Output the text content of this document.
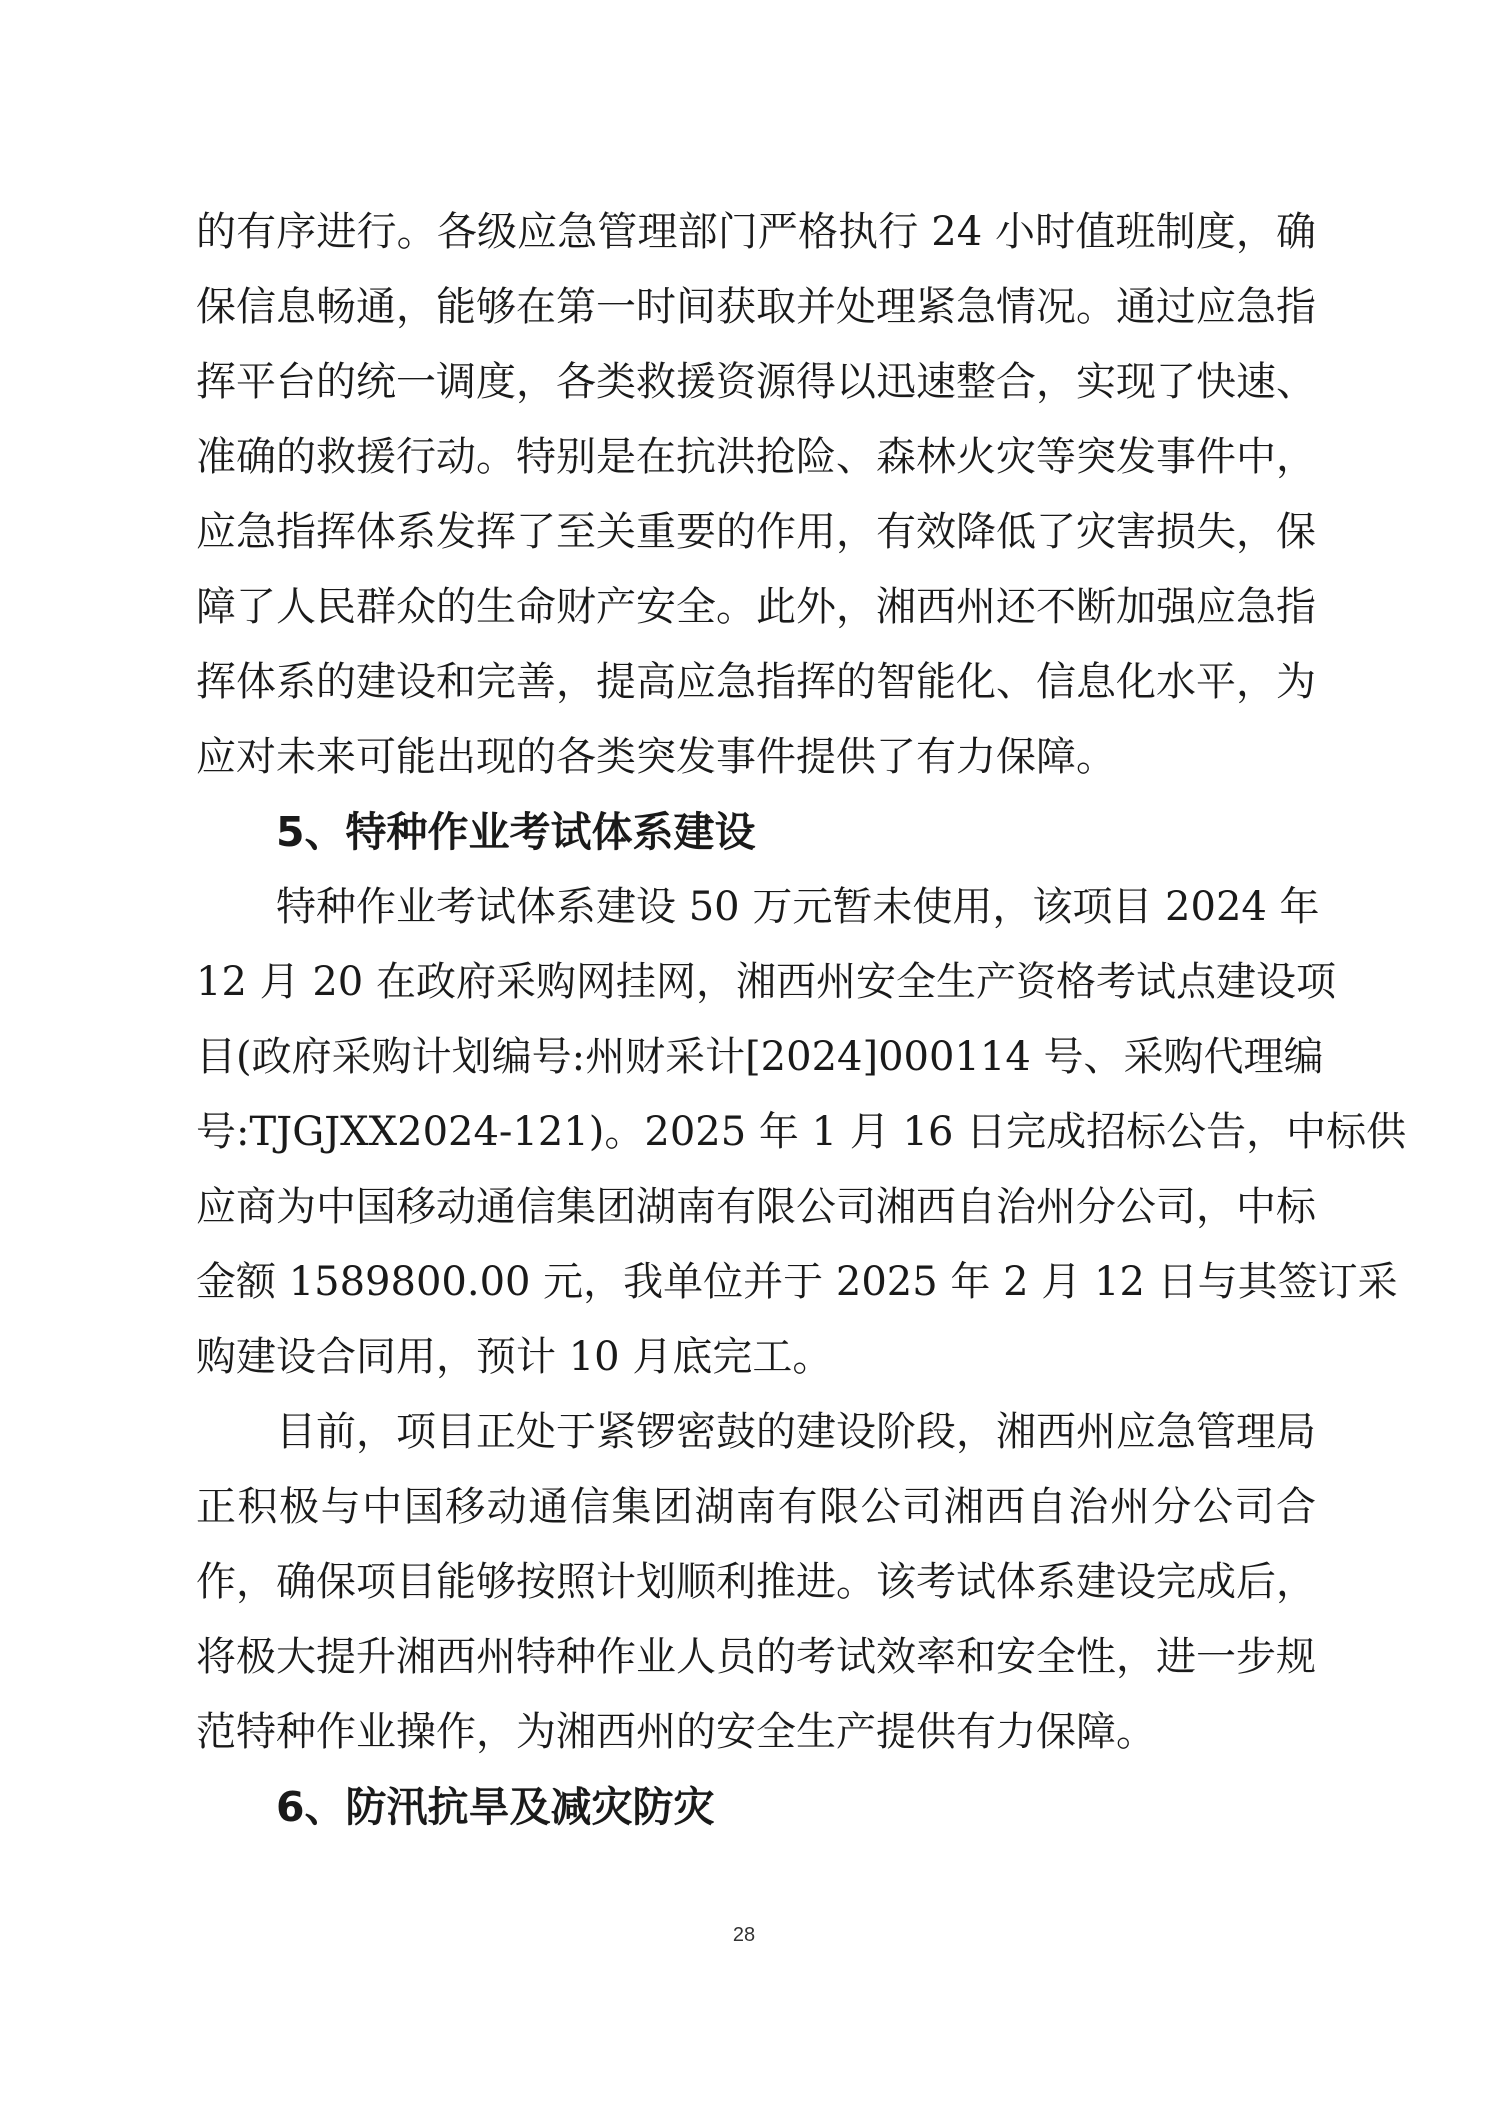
的有序进行。各级应急管理部门严格执行 24 小时值班制度，确
保信息畅通，能够在第一时间获取并处理紧急情况。通过应急指
挥平台的统一调度，各类救援资源得以迅速整合，实现了快速、
准确的救援行动。特别是在抗洪抢险、森林火灾等突发事件中，
应急指挥体系发挥了至关重要的作用，有效降低了灾害损失，保
障了人民群众的生命财产安全。此外，湘西州还不断加强应急指
挥体系的建设和完善，提高应急指挥的智能化、信息化水平，为
应对未来可能出现的各类突发事件提供了有力保障。
5、特种作业考试体系建设
特种作业考试体系建设 50 万元暂未使用，该项目 2024 年
12 月 20 在政府采购网挂网，湘西州安全生产资格考试点建设项
目(政府采购计划编号:州财采计[2024]000114 号、采购代理编
号:TJGJXX2024-121)。2025 年 1 月 16 日完成招标公告，中标供
应商为中国移动通信集团湖南有限公司湘西自治州分公司，中标
金额 1589800.00 元，我单位并于 2025 年 2 月 12 日与其签订采
购建设合同用，预计 10 月底完工。
目前，项目正处于紧锣密鼓的建设阶段，湘西州应急管理局
正积极与中国移动通信集团湖南有限公司湘西自治州分公司合
作，确保项目能够按照计划顺利推进。该考试体系建设完成后，
将极大提升湘西州特种作业人员的考试效率和安全性，进一步规
范特种作业操作，为湘西州的安全生产提供有力保障。
6、防汛抗旱及减灾防灾
28
